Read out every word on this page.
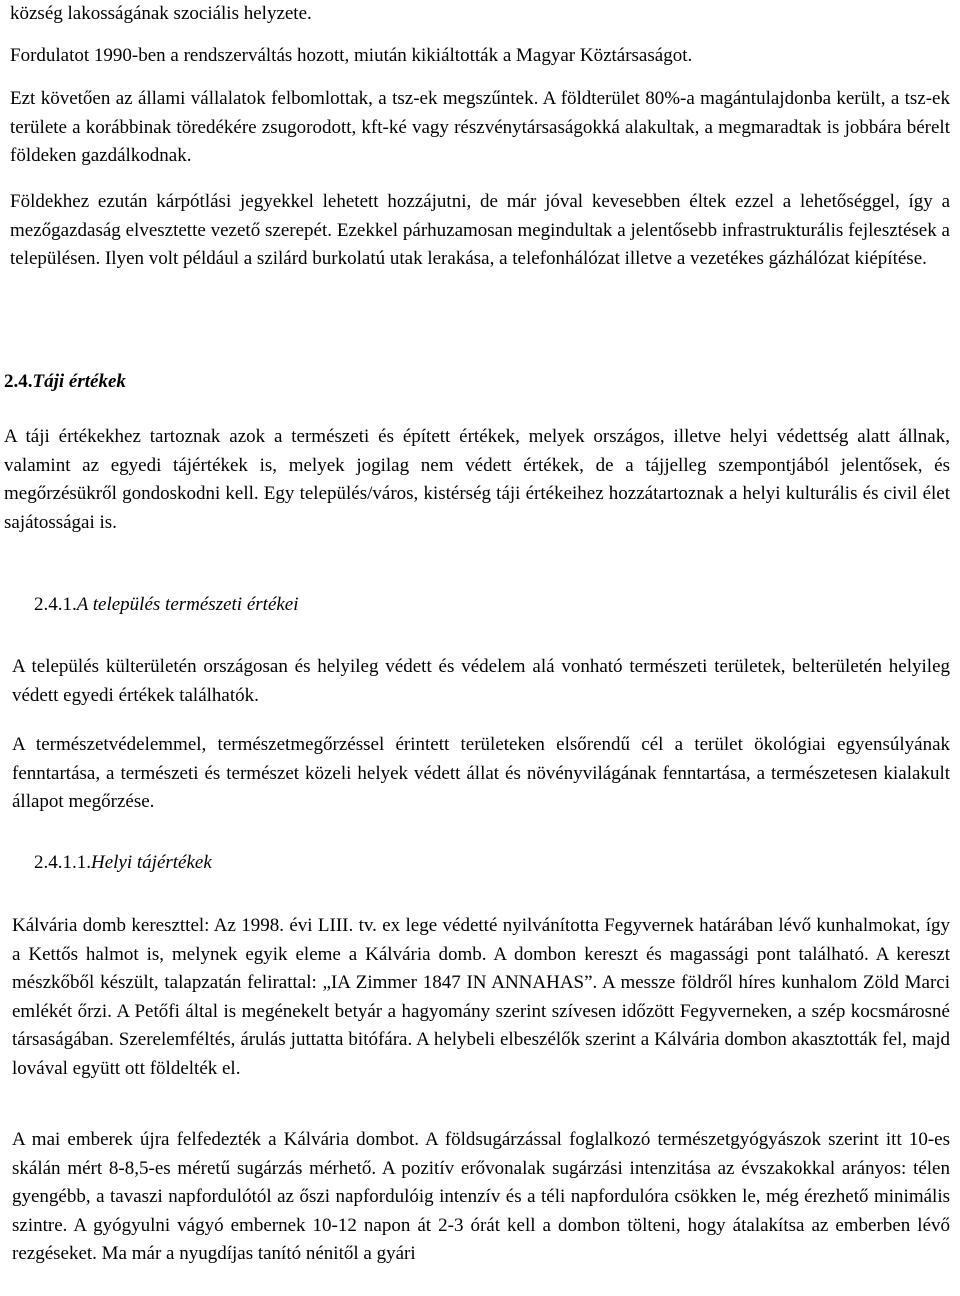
község lakosságának szociális helyzete.

Fordulatot 1990-ben a rendszerváltás hozott, miután kikiáltották a Magyar Köztársaságot.

Ezt követően az állami vállalatok felbomlottak, a tsz-ek megszűntek. A földterület 80%-a magántulajdonba került, a tsz-ek területe a korábbinak töredékére zsugorodott, kft-ké vagy részvénytársaságokká alakultak, a megmaradtak is jobbára bérelt földeken gazdálkodnak.

Földekhez ezután kárpótlási jegyekkel lehetett hozzájutni, de már jóval kevesebben éltek ezzel a lehetőséggel, így a mezőgazdaság elvesztette vezető szerepét. Ezekkel párhuzamosan megindultak a jelentősebb infrastrukturális fejlesztések a településen. Ilyen volt például a szilárd burkolatú utak lerakása, a telefonhálózat illetve a vezetékes gázhálózat kiépítése.

2.4.Táji értékek

A táji értékekhez tartoznak azok a természeti és épített értékek, melyek országos, illetve helyi védettség alatt állnak, valamint az egyedi tájértékek is, melyek jogilag nem védett értékek, de a tájjelleg szempontjából jelentősek, és megőrzésükről gondoskodni kell. Egy település/város, kistérség táji értékeihez hozzátartoznak a helyi kulturális és civil élet sajátosságai is.

2.4.1.A település természeti értékei

A település külterületén országosan és helyileg védett és védelem alá vonható természeti területek, belterületén helyileg védett egyedi értékek találhatók.

A természetvédelemmel, természetmegőrzéssel érintett területeken elsőrendű cél a terület ökológiai egyensúlyának fenntartása, a természeti és természet közeli helyek védett állat és növényvilágának fenntartása, a természetesen kialakult állapot megőrzése.

2.4.1.1.Helyi tájértékek

Kálvária domb kereszttel: Az 1998. évi LIII. tv. ex lege védetté nyilvánította Fegyvernek határában lévő kunhalmokat, így a Kettős halmot is, melynek egyik eleme a Kálvária domb. A dombon kereszt és magassági pont található. A kereszt mészkőből készült, talapzatán felirattal: „IA Zimmer 1847 IN ANNAHAS”. A messze földről híres kunhalom Zöld Marci emlékét őrzi. A Petőfi által is megénekelt betyár a hagyomány szerint szívesen időzött Fegyverneken, a szép kocsmárosné társaságában. Szerelemféltés, árulás juttatta bitófára. A helybeli elbeszélők szerint a Kálvária dombon akasztották fel, majd lovával együtt ott földelték el.

A mai emberek újra felfedezték a Kálvária dombot. A földsugárzással foglalkozó természetgyógyászok szerint itt 10-es skálán mért 8-8,5-es méretű sugárzás mérhető. A pozitív erővonalak sugárzási intenzitása az évszakokkal arányos: télen gyengébb, a tavaszi napfordulótól az őszi napfordulóig intenzív és a téli napfordulóra csökken le, még érezhető minimális szintre. A gyógyulni vágyó embernek 10-12 napon át 2-3 órát kell a dombon tölteni, hogy átalakítsa az emberben lévő rezgéseket. Ma már a nyugdíjas tanító nénitől a gyári
